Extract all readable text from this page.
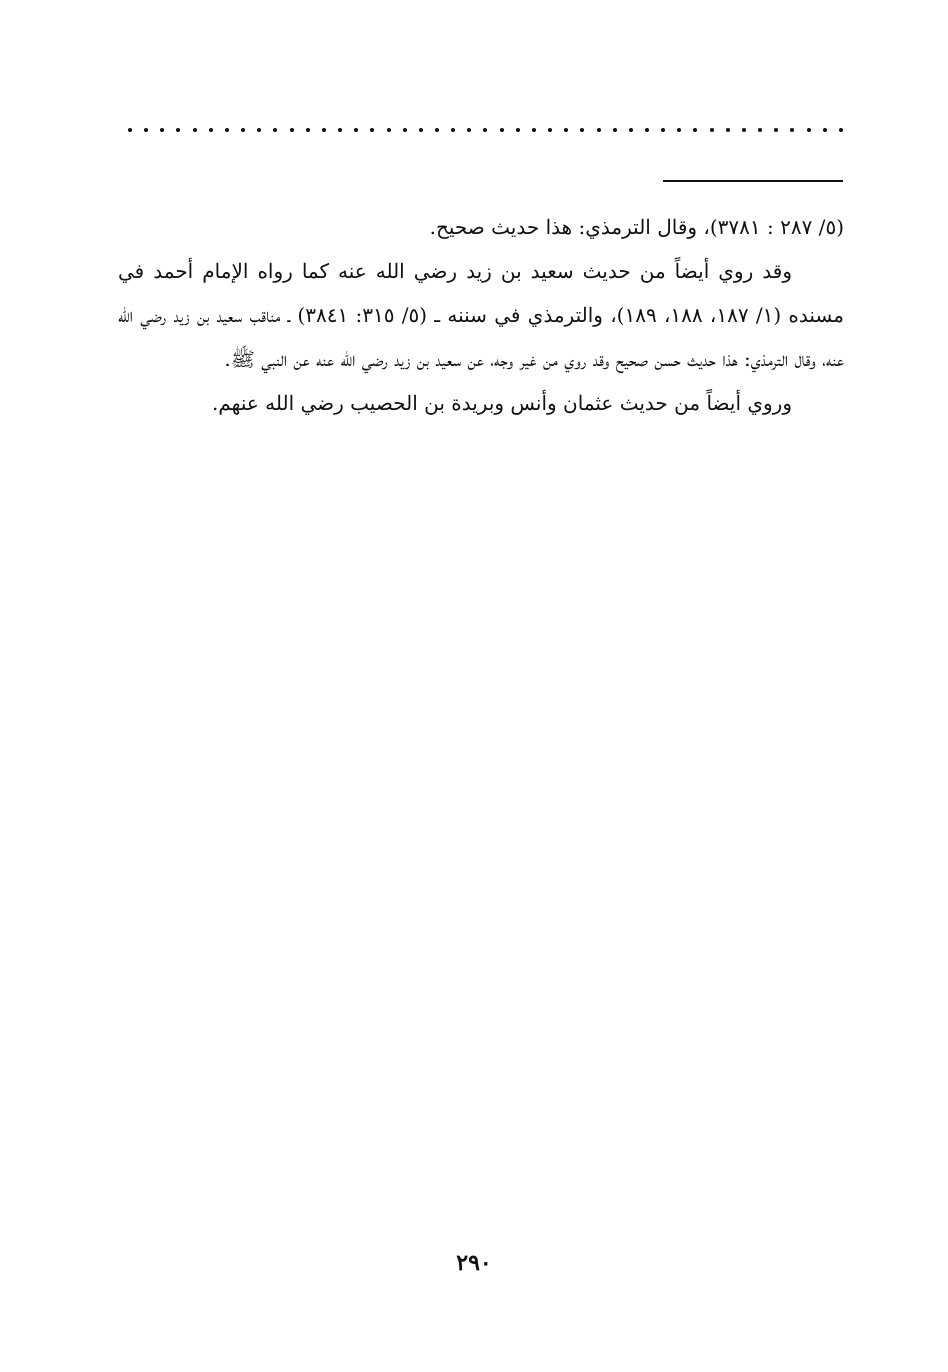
(٥/ ٢٨٧ : ٣٧٨١)، وقال الترمذي: هذا حديث صحيح.

وقد روي أيضاً من حديث سعيد بن زيد رضي الله عنه كما رواه الإمام أحمد في مسنده (١/ ١٨٧، ١٨٨، ١٨٩)، والترمذي في سننه ـ (٥/ ٣١٥: ٣٨٤١) ـ مناقب سعيد بن زيد رضي الله عنه، وقال الترمذي: هذا حديث حسن صحيح وقد روي من غير وجه، عن سعيد بن زيد رضي الله عنه عن النبي ﷺ.

وروي أيضاً من حديث عثمان وأنس وبريدة بن الحصيب رضي الله عنهم.

٢٩٠
